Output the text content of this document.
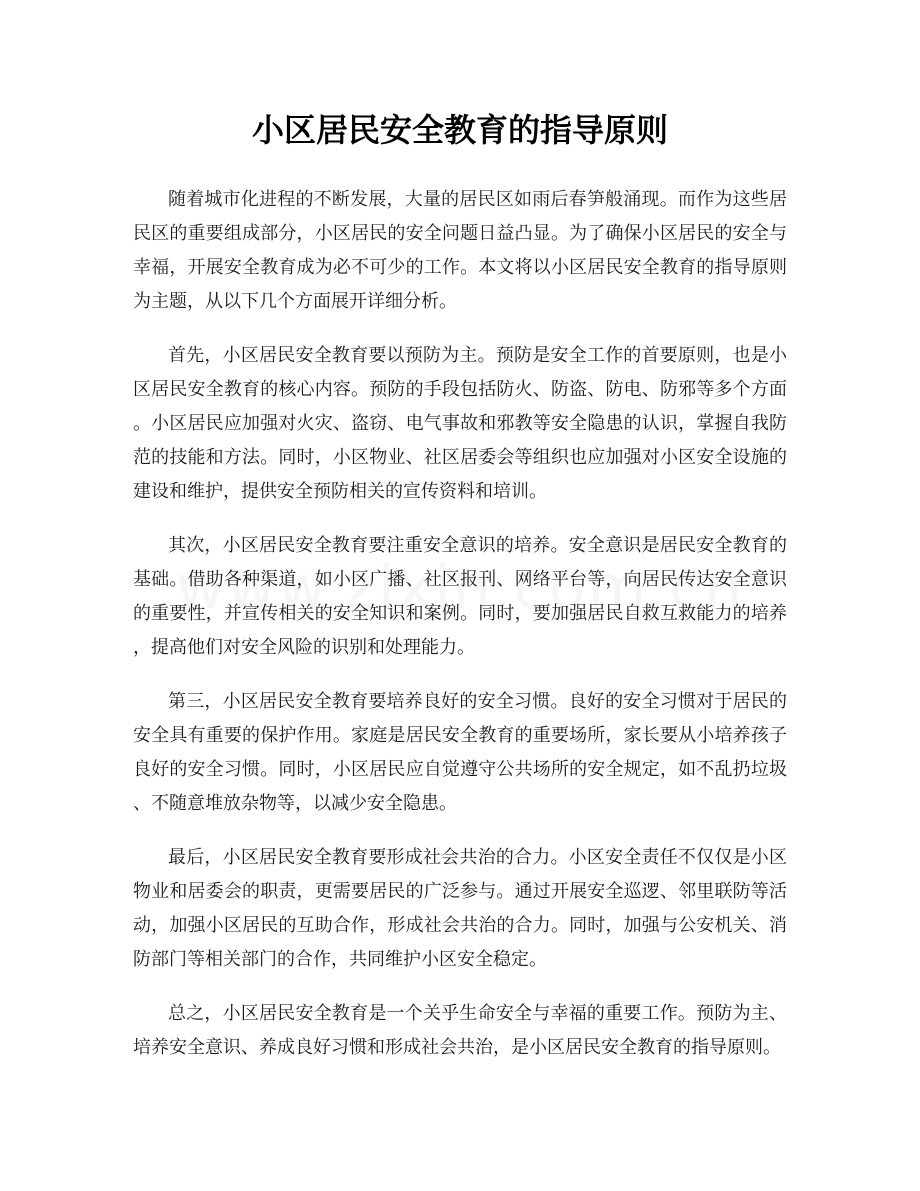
小区居民安全教育的指导原则
随着城市化进程的不断发展，大量的居民区如雨后春笋般涌现。而作为这些居
民区的重要组成部分，小区居民的安全问题日益凸显。为了确保小区居民的安全与
幸福，开展安全教育成为必不可少的工作。本文将以小区居民安全教育的指导原则
为主题，从以下几个方面展开详细分析。
首先，小区居民安全教育要以预防为主。预防是安全工作的首要原则，也是小
区居民安全教育的核心内容。预防的手段包括防火、防盗、防电、防邪等多个方面
。小区居民应加强对火灾、盗窃、电气事故和邪教等安全隐患的认识，掌握自我防
范的技能和方法。同时，小区物业、社区居委会等组织也应加强对小区安全设施的
建设和维护，提供安全预防相关的宣传资料和培训。
其次，小区居民安全教育要注重安全意识的培养。安全意识是居民安全教育的
基础。借助各种渠道，如小区广播、社区报刊、网络平台等，向居民传达安全意识
的重要性，并宣传相关的安全知识和案例。同时，要加强居民自救互救能力的培养
，提高他们对安全风险的识别和处理能力。
第三，小区居民安全教育要培养良好的安全习惯。良好的安全习惯对于居民的
安全具有重要的保护作用。家庭是居民安全教育的重要场所，家长要从小培养孩子
良好的安全习惯。同时，小区居民应自觉遵守公共场所的安全规定，如不乱扔垃圾
、不随意堆放杂物等，以减少安全隐患。
最后，小区居民安全教育要形成社会共治的合力。小区安全责任不仅仅是小区
物业和居委会的职责，更需要居民的广泛参与。通过开展安全巡逻、邻里联防等活
动，加强小区居民的互助合作，形成社会共治的合力。同时，加强与公安机关、消
防部门等相关部门的合作，共同维护小区安全稳定。
总之，小区居民安全教育是一个关乎生命安全与幸福的重要工作。预防为主、
培养安全意识、养成良好习惯和形成社会共治，是小区居民安全教育的指导原则。
